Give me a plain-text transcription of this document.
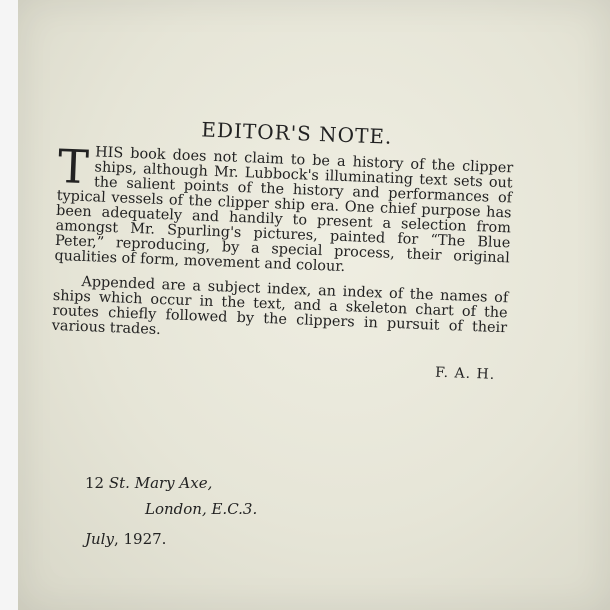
EDITOR'S NOTE.

T HIS book does not claim to be a history of the clipper ships, although Mr. Lubbock's illuminating text sets out the salient points of the history and performances of typical vessels of the clipper ship era. One chief purpose has been adequately and handily to present a selection from amongst Mr. Spurling's pictures, painted for “The Blue Peter,” reproducing, by a special process, their original qualities of form, movement and colour.

Appended are a subject index, an index of the names of ships which occur in the text, and a skeleton chart of the routes chiefly followed by the clippers in pursuit of their various trades.

F. A. H.
12 St. Mary Axe,
London, E.C.3.
July, 1927.
